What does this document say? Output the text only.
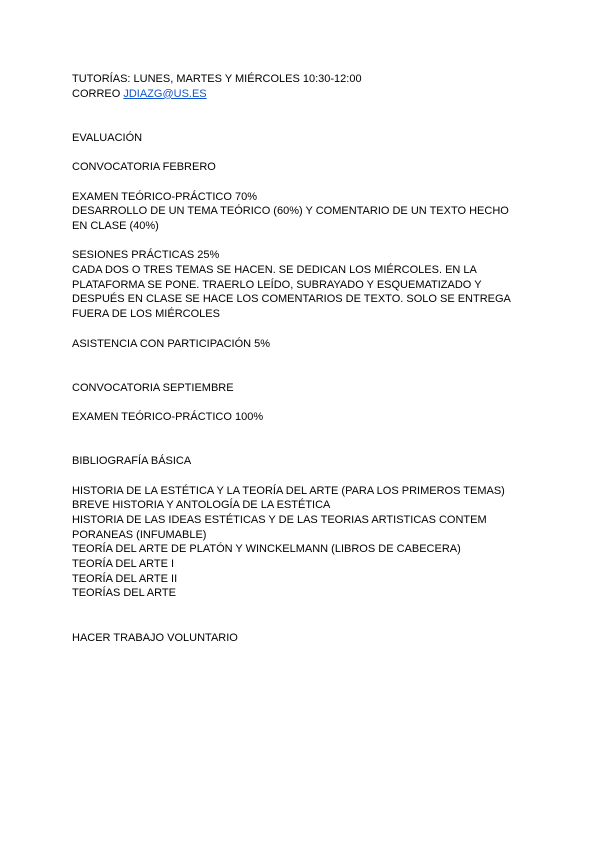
TUTORÍAS: LUNES, MARTES Y MIÉRCOLES 10:30-12:00
CORREO JDIAZG@US.ES
EVALUACIÓN
CONVOCATORIA FEBRERO
EXAMEN TEÓRICO-PRÁCTICO 70%
DESARROLLO DE UN TEMA TEÓRICO (60%) Y COMENTARIO DE UN TEXTO HECHO
EN CLASE (40%)
SESIONES PRÁCTICAS 25%
CADA DOS O TRES TEMAS SE HACEN. SE DEDICAN LOS MIÉRCOLES. EN LA
PLATAFORMA SE PONE. TRAERLO LEÍDO, SUBRAYADO Y ESQUEMATIZADO Y
DESPUÉS EN CLASE SE HACE LOS COMENTARIOS DE TEXTO. SOLO SE ENTREGA
FUERA DE LOS MIÉRCOLES
ASISTENCIA CON PARTICIPACIÓN 5%
CONVOCATORIA SEPTIEMBRE
EXAMEN TEÓRICO-PRÁCTICO 100%
BIBLIOGRAFÍA BÁSICA
HISTORIA DE LA ESTÉTICA Y LA TEORÍA DEL ARTE (PARA LOS PRIMEROS TEMAS)
BREVE HISTORIA Y ANTOLOGÍA DE LA ESTÉTICA
HISTORIA DE LAS IDEAS ESTÉTICAS Y DE LAS TEORIAS ARTISTICAS CONTEM
PORANEAS (INFUMABLE)
TEORÍA DEL ARTE DE PLATÓN Y WINCKELMANN (LIBROS DE CABECERA)
TEORÍA DEL ARTE I
TEORÍA DEL ARTE II
TEORÍAS DEL ARTE
HACER TRABAJO VOLUNTARIO
